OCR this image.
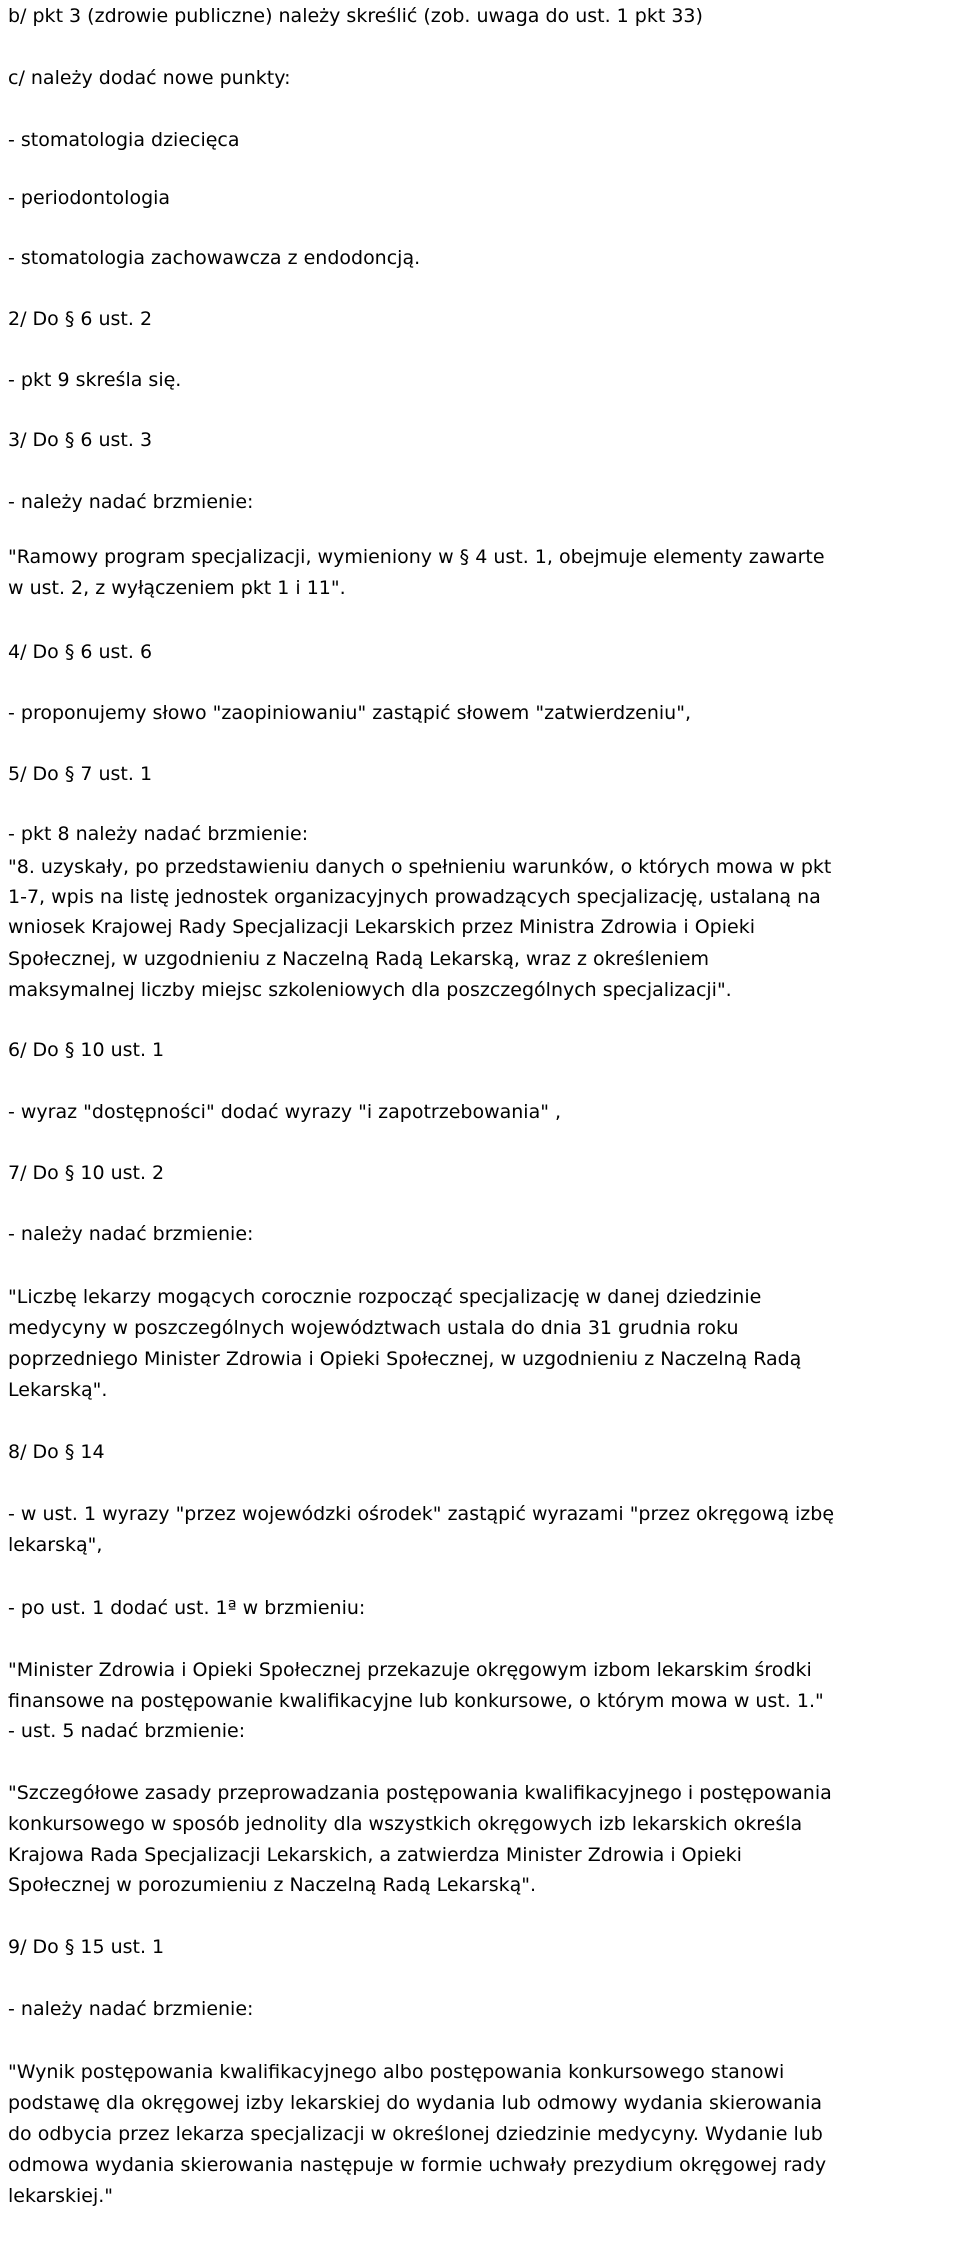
b/ pkt 3 (zdrowie publiczne) należy skreślić (zob. uwaga do ust. 1 pkt 33)
c/ należy dodać nowe punkty:
- stomatologia dziecięca
- periodontologia
- stomatologia zachowawcza z endodoncją.
2/ Do § 6 ust. 2
- pkt 9 skreśla się.
3/ Do § 6 ust. 3
- należy nadać brzmienie:
"Ramowy program specjalizacji, wymieniony w § 4 ust. 1, obejmuje elementy zawarte
w ust. 2, z wyłączeniem pkt 1 i 11".
4/ Do § 6 ust. 6
- proponujemy słowo "zaopiniowaniu" zastąpić słowem "zatwierdzeniu",
5/ Do § 7 ust. 1
- pkt 8 należy nadać brzmienie:
"8. uzyskały, po przedstawieniu danych o spełnieniu warunków, o których mowa w pkt
1-7, wpis na listę jednostek organizacyjnych prowadzących specjalizację, ustalaną na
wniosek Krajowej Rady Specjalizacji Lekarskich przez Ministra Zdrowia i Opieki
Społecznej, w uzgodnieniu z Naczelną Radą Lekarską, wraz z określeniem
maksymalnej liczby miejsc szkoleniowych dla poszczególnych specjalizacji".
6/ Do § 10 ust. 1
- wyraz "dostępności" dodać wyrazy "i zapotrzebowania" ,
7/ Do § 10 ust. 2
- należy nadać brzmienie:
"Liczbę lekarzy mogących corocznie rozpocząć specjalizację w danej dziedzinie
medycyny w poszczególnych województwach ustala do dnia 31 grudnia roku
poprzedniego Minister Zdrowia i Opieki Społecznej, w uzgodnieniu z Naczelną Radą
Lekarską".
8/ Do § 14
- w ust. 1 wyrazy "przez wojewódzki ośrodek" zastąpić wyrazami "przez okręgową izbę
lekarską",
- po ust. 1 dodać ust. 1ª w brzmieniu:
"Minister Zdrowia i Opieki Społecznej przekazuje okręgowym izbom lekarskim środki
finansowe na postępowanie kwalifikacyjne lub konkursowe, o którym mowa w ust. 1."
- ust. 5 nadać brzmienie:
"Szczegółowe zasady przeprowadzania postępowania kwalifikacyjnego i postępowania
konkursowego w sposób jednolity dla wszystkich okręgowych izb lekarskich określa
Krajowa Rada Specjalizacji Lekarskich, a zatwierdza Minister Zdrowia i Opieki
Społecznej w porozumieniu z Naczelną Radą Lekarską".
9/ Do § 15 ust. 1
- należy nadać brzmienie:
"Wynik postępowania kwalifikacyjnego albo postępowania konkursowego stanowi
podstawę dla okręgowej izby lekarskiej do wydania lub odmowy wydania skierowania
do odbycia przez lekarza specjalizacji w określonej dziedzinie medycyny. Wydanie lub
odmowa wydania skierowania następuje w formie uchwały prezydium okręgowej rady
lekarskiej."
